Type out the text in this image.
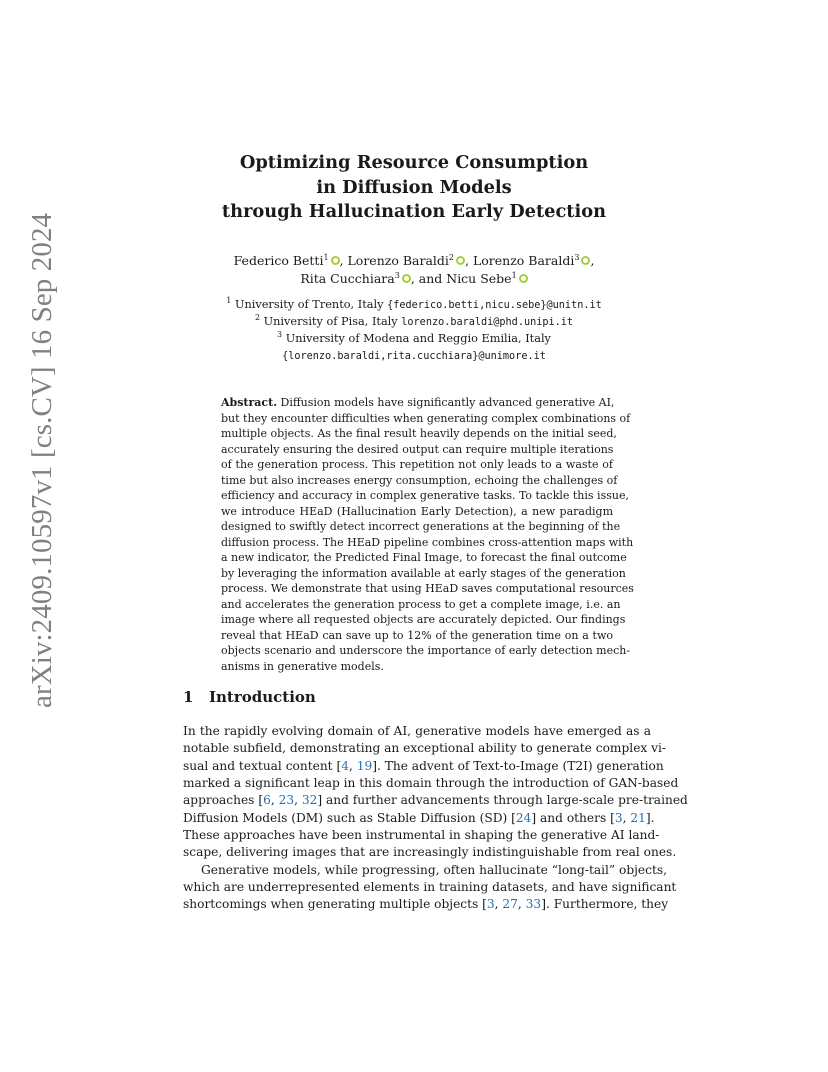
arXiv:2409.10597v1 [cs.CV] 16 Sep 2024
Optimizing Resource Consumption
in Diffusion Models
through Hallucination Early Detection
Federico Betti$^1$ , Lorenzo Baraldi$^2$ , Lorenzo Baraldi$^3$ ,
Rita Cucchiara$^3$ , and Nicu Sebe$^1$
$^1$ University of Trento, Italy {federico.betti,nicu.sebe}@unitn.it
$^2$ University of Pisa, Italy lorenzo.baraldi@phd.unipi.it
$^3$ University of Modena and Reggio Emilia, Italy
{lorenzo.baraldi,rita.cucchiara}@unimore.it
Abstract. Diffusion models have significantly advanced generative AI,
but they encounter difficulties when generating complex combinations of
multiple objects. As the final result heavily depends on the initial seed,
accurately ensuring the desired output can require multiple iterations
of the generation process. This repetition not only leads to a waste of
time but also increases energy consumption, echoing the challenges of
efficiency and accuracy in complex generative tasks. To tackle this issue,
we introduce HEaD (Hallucination Early Detection), a new paradigm
designed to swiftly detect incorrect generations at the beginning of the
diffusion process. The HEaD pipeline combines cross-attention maps with
a new indicator, the Predicted Final Image, to forecast the final outcome
by leveraging the information available at early stages of the generation
process. We demonstrate that using HEaD saves computational resources
and accelerates the generation process to get a complete image, i.e. an
image where all requested objects are accurately depicted. Our findings
reveal that HEaD can save up to 12% of the generation time on a two
objects scenario and underscore the importance of early detection mech-
anisms in generative models.
1 Introduction
In the rapidly evolving domain of AI, generative models have emerged as a
notable subfield, demonstrating an exceptional ability to generate complex vi-
sual and textual content [4, 19]. The advent of Text-to-Image (T2I) generation
marked a significant leap in this domain through the introduction of GAN-based
approaches [6, 23, 32] and further advancements through large-scale pre-trained
Diffusion Models (DM) such as Stable Diffusion (SD) [24] and others [3, 21].
These approaches have been instrumental in shaping the generative AI land-
scape, delivering images that are increasingly indistinguishable from real ones.
Generative models, while progressing, often hallucinate “long-tail” objects,
which are underrepresented elements in training datasets, and have significant
shortcomings when generating multiple objects [3, 27, 33]. Furthermore, they
